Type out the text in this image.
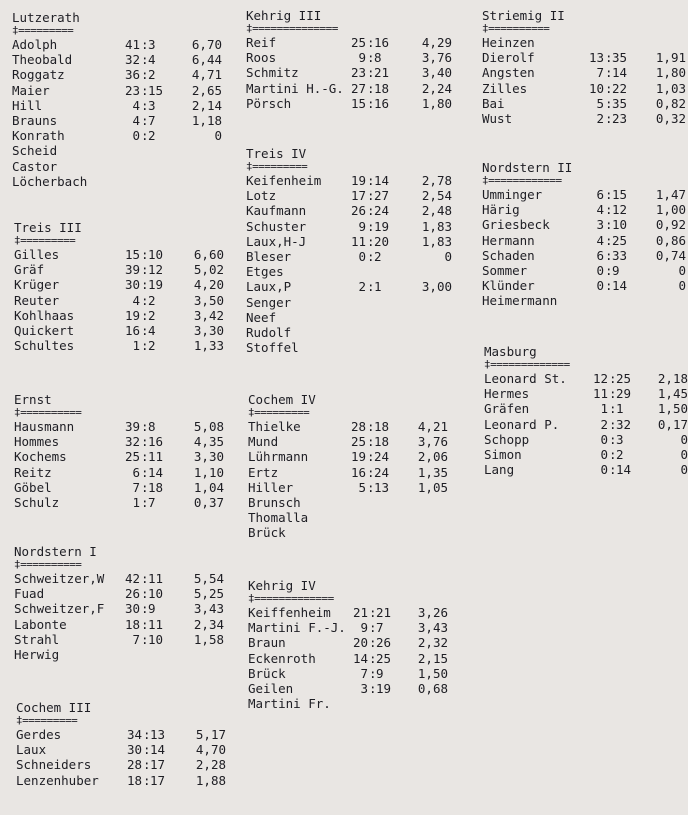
Lutzerath
‡=========
Adolph	41 : 3	6,70
Theobald	32 : 4	6,44
Roggatz	36 : 2	4,71
Maier	23 : 15	2,65
Hill	4 : 3	2,14
Brauns	4 : 7	1,18
Konrath	0 : 2	0
Scheid
Castor
Löcherbach
Treis III
‡=========
Gilles	15 : 10	6,60
Gräf	39 : 12	5,02
Krüger	30 : 19	4,20
Reuter	4 : 2	3,50
Kohlhaas	19 : 2	3,42
Quickert	16 : 4	3,30
Schultes	1 : 2	1,33
Ernst
‡==========
Hausmann	39 : 8	5,08
Hommes	32 : 16	4,35
Kochems	25 : 11	3,30
Reitz	6 : 14	1,10
Göbel	7 : 18	1,04
Schulz	1 : 7	0,37
Nordstern I
‡==========
Schweitzer,W	42 : 11	5,54
Fuad	26 : 10	5,25
Schweitzer,F	30 : 9	3,43
Labonte	18 : 11	2,34
Strahl	7 : 10	1,58
Herwig
Cochem III
‡=========
Gerdes	34 : 13	5,17
Laux	30 : 14	4,70
Schneiders	28 : 17	2,28
Lenzenhuber	18 : 17	1,88
Kehrig III
‡==============
Reif	25 : 16	4,29
Roos	9 : 8	3,76
Schmitz	23 : 21	3,40
Martini H.-G. 27 : 18	2,24
Pörsch	15 : 16	1,80
Treis IV
‡=========
Keifenheim	19 : 14	2,78
Lotz	17 : 27	2,54
Kaufmann	26 : 24	2,48
Schuster	9 : 19	1,83
Laux,H-J	11 : 20	1,83
Bleser	0 : 2	0
Etges
Laux,P	2 : 1	3,00
Senger
Neef
Rudolf
Stoffel
Cochem IV
‡=========
Thielke	28 : 18	4,21
Mund	25 : 18	3,76
Lührmann	19 : 24	2,06
Ertz	16 : 24	1,35
Hiller	5 : 13	1,05
Brunsch
Thomalla
Brück
Kehrig IV
‡=============
Keiffenheim	21 : 21	3,26
Martini F.-J.	9 : 7	3,43
Braun	20 : 26	2,32
Eckenroth	14 : 25	2,15
Brück	7 : 9	1,50
Geilen	3 : 19	0,68
Martini Fr.
Striemig II
‡==========
Heinzen
Dierolf	13 : 35	1,91
Angsten	7 : 14	1,80
Zilles	10 : 22	1,03
Bai	5 : 35	0,82
Wust	2 : 23	0,32
Nordstern II
‡============
Umminger	6 : 15	1,47
Härig	4 : 12	1,00
Griesbeck	3 : 10	0,92
Hermann	4 : 25	0,86
Schaden	6 : 33	0,74
Sommer	0 : 9	0
Klünder	0 : 14	0
Heimermann
Masburg
‡=============
Leonard St.	12 : 25	2,18
Hermes	11 : 29	1,45
Gräfen	1 : 1	1,50
Leonard P.	2 : 32	0,17
Schopp	0 : 3	0
Simon	0 : 2	0
Lang	0 : 14	0
